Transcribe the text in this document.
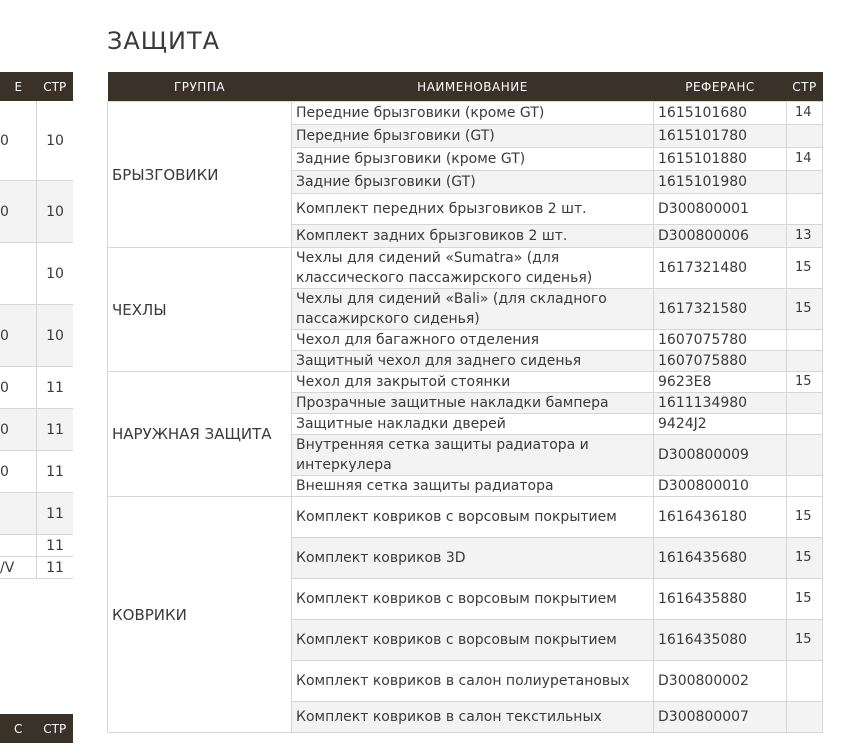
Е	СТР
0	10
0	10
	10
0	10
0	11
0	11
0	11
	11
	11
/V	11
С	СТР
ЗАЩИТА
ГРУППА	НАИМЕНОВАНИЕ	РЕФЕРАНС	СТР
БРЫЗГОВИКИ	Передние брызговики (кроме GT)	1615101680	14
	Передние брызговики (GT)	1615101780	
	Задние брызговики (кроме GT)	1615101880	14
	Задние брызговики (GT)	1615101980	
	Комплект передних брызговиков 2 шт.	D300800001	
	Комплект задних брызговиков 2 шт.	D300800006	13
ЧЕХЛЫ	Чехлы для сидений «Sumatra» (для классического пассажирского сиденья)	1617321480	15
	Чехлы для сидений «Bali» (для складного пассажирского сиденья)	1617321580	15
	Чехол для багажного отделения	1607075780	
	Защитный чехол для заднего сиденья	1607075880	
НАРУЖНАЯ ЗАЩИТА	Чехол для закрытой стоянки	9623E8	15
	Прозрачные защитные накладки бампера	1611134980	
	Защитные накладки дверей	9424J2	
	Внутренняя сетка защиты радиатора и интеркулера	D300800009	
	Внешняя сетка защиты радиатора	D300800010	
КОВРИКИ	Комплект ковриков с ворсовым покрытием	1616436180	15
	Комплект ковриков 3D	1616435680	15
	Комплект ковриков с ворсовым покрытием	1616435880	15
	Комплект ковриков с ворсовым покрытием	1616435080	15
	Комплект ковриков в салон полиуретановых	D300800002	
	Комплект ковриков в салон текстильных	D300800007	
